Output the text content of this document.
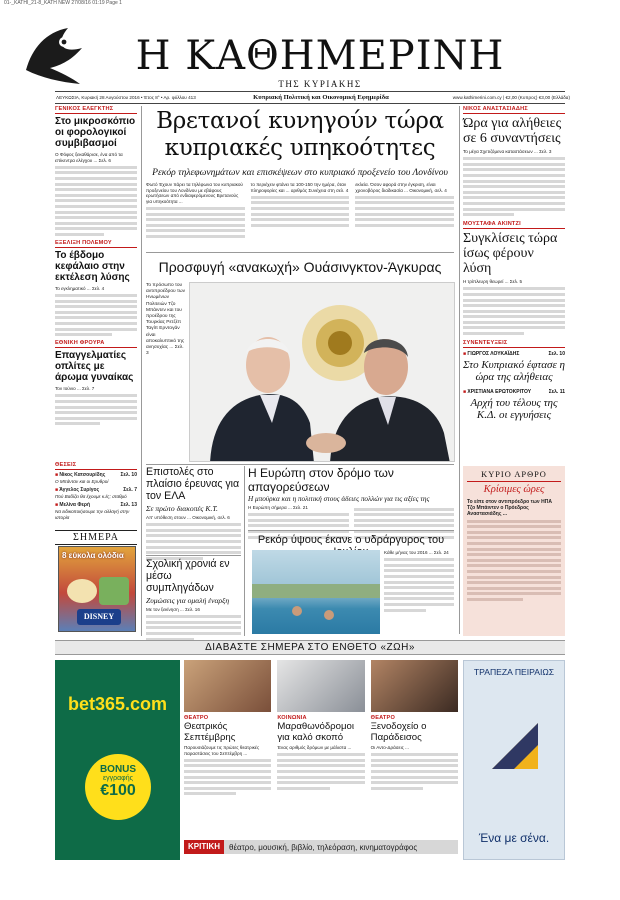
01-_KATHI_21-8_KATH NEW 27/08/16 01:19 Page 1
Η ΚΑΘΗΜΕΡΙΝΗ
ΤΗΣ ΚΥΡΙΑΚΗΣ
ΛΕΥΚΩΣΙΑ, Κυριακή 28 Αυγούστου 2016 • Έτος 8° • Αρ. φύλλου 413	Κυπριακή Πολιτική και Οικονομική Εφημερίδα	www.kathimerini.com.cy | €2,00 (Κυπρος) €3,00 (Ελλάδα)
ΓΕΝΙΚΟΣ ΕΛΕΓΚΤΗΣ
Στο μικροσκόπιο οι φορολογικοί συμβιβασμοί
Ο Φόφος ξεκαθάρισε, ένα από τα επίκεντρα ελέγχου ... Σελ. 6
ΕΞΕΛΙΞΗ ΠΟΛΕΜΟΥ
Το έβδομο κεφάλαιο στην εκτέλεση λύσης
Το εγκληματικό ... Σελ. 4
ΕΘΝΙΚΗ ΦΡΟΥΡΑ
Επαγγελματίες οπλίτες με άρωμα γυναίκας
Τον Ιούνιο ... Σελ. 7
ΘΕΣΕΙΣ
■ Νίκος Κατσουρίδης	Σελ. 10
Ο Μπάνταν και οι Ερυθροί
■ Άγγελος Συρίγος	Σελ. 7
Πού Βαδίζει θα έχουμε κ.ές; σταθμό
■ Μελίνα Φερή	Σελ. 13
Να ειδικοποιήσουμε την αλλαγή στην ιστορία
ΣΗΜΕΡΑ
8 εύκολα ολόδια
DISNEY
Βρετανοί κυνηγούν τώρα κυπριακές υπηκοότητες
Ρεκόρ τηλεφωνημάτων και επισκέψεων στο κυπριακό προξενείο του Λονδίνου
Φωτό Έχουν πάρει τα τηλέφωνα του κυπριακού προξενείου του Λονδίνου με εβάφους ερωτήσεων από ενδιαφερόμενους Βρετανούς για υπηκοότητα ...
το περιέχειν φτάνει τα 100-150 την ημέρα, όταν πληροφορίες και ... αριθμός Συνέχεια στη σελ. 4
εκλεία. Όσον αφορά στην έγκριση, είναι χρονοβόρος διαδικασία ... Οικονομική, σελ. 4
Προσφυγή «ανακωχή» Ουάσινγκτον-Άγκυρας
Το πρόσωπο του αντιπροέδρου των Ηνωμένων Πολιτειών Τζο Μπάιντεν και του προέδρου της Τουρκίας Ρετζέπ Ταγίπ Ερντογάν είναι αποκαλυπτικό της ανησυχίας ... Σελ. 3
ΝΙΚΟΣ ΑΝΑΣΤΑΣΙΑΔΗΣ
Ώρα για αλήθειες σε 6 συναντήσεις
Το μέγα Σχετιζόμενα καταστάσεων ... Σελ. 3
ΜΟΥΣΤΑΦΑ ΑΚΙΝΤΖΙ
Συγκλίσεις τώρα ίσως φέρουν λύση
Η τρίπλευρη θεωρεί ... Σελ. 5
ΣΥΝΕΝΤΕΥΞΕΙΣ
■ ΓΙΩΡΓΟΣ ΛΟΥΚΑΪΔΗΣ	Σελ. 10
Στο Κυπριακό έφτασε η ώρα της αλήθειας
■ ΧΡΙΣΤΙΑΝΑ ΕΡΩΤΟΚΡΙΤΟΥ	Σελ. 11
Αρχή του τέλους της Κ.Δ. οι εγγυήσεις
Επιστολές στο πλαίσιο έρευνας για τον ΕΛΑ
Σε πρώτο διακοπές Κ.Τ.
Απ’ υπόθεση στουν ... Οικονομική, σελ. 6
Σχολική χρονιά εν μέσω συμπληγάδων
Ζυμώσεις για ομαλή έναρξη
Με τον ξεκίνηση ... Σελ. 16
Η Ευρώπη στον δρόμο των απαγορεύσεων
Η μπούρκα και η πολιτική στους άδειες πολλών για τις αξίες της
Η Ευρώπη σήμερα ... Σελ. 21
Ρεκόρ ύψους έκανε ο υδράργυρος του
Κάθε μήνας του 2016 ... Σελ. 24
ΚΥΡΙΟ ΑΡΘΡΟ
Κρίσιμες ώρες
Το είπε στον αντιπρόεδρο των ΗΠΑ Τζο Μπάιντεν ο Πρόεδρος Αναστασιάδης ...
ΔΙΑΒΑΣΤΕ ΣΗΜΕΡΑ ΣΤΟ ΕΝΘΕΤΟ «ΖΩΗ»
bet365.com
BONUS
εγγραφής
€100
ΘΕΑΤΡΟ
Θεατρικός Σεπτέμβρης
Παρουσιάζουμε τις πρώτες θεατρικές παραστάσεις του Σεπτέμβρη ...
ΚΟΙΝΩΝΙΑ
Μαραθωνόδρομοι για καλό σκοπό
Ένας αριθμός δρόμων με μάλιστα ...
ΘΕΑΤΡΟ
Ξενοδοχείο ο Παράδεισος
Οι Αντο-Δράσεις ...
ΚΡΙΤΙΚΗ	θέατρο, μουσική, βιβλίο, τηλεόραση, κινηματογράφος
ΤΡΑΠΕΖΑ ΠΕΙΡΑΙΩΣ
Ένα με σένα.
